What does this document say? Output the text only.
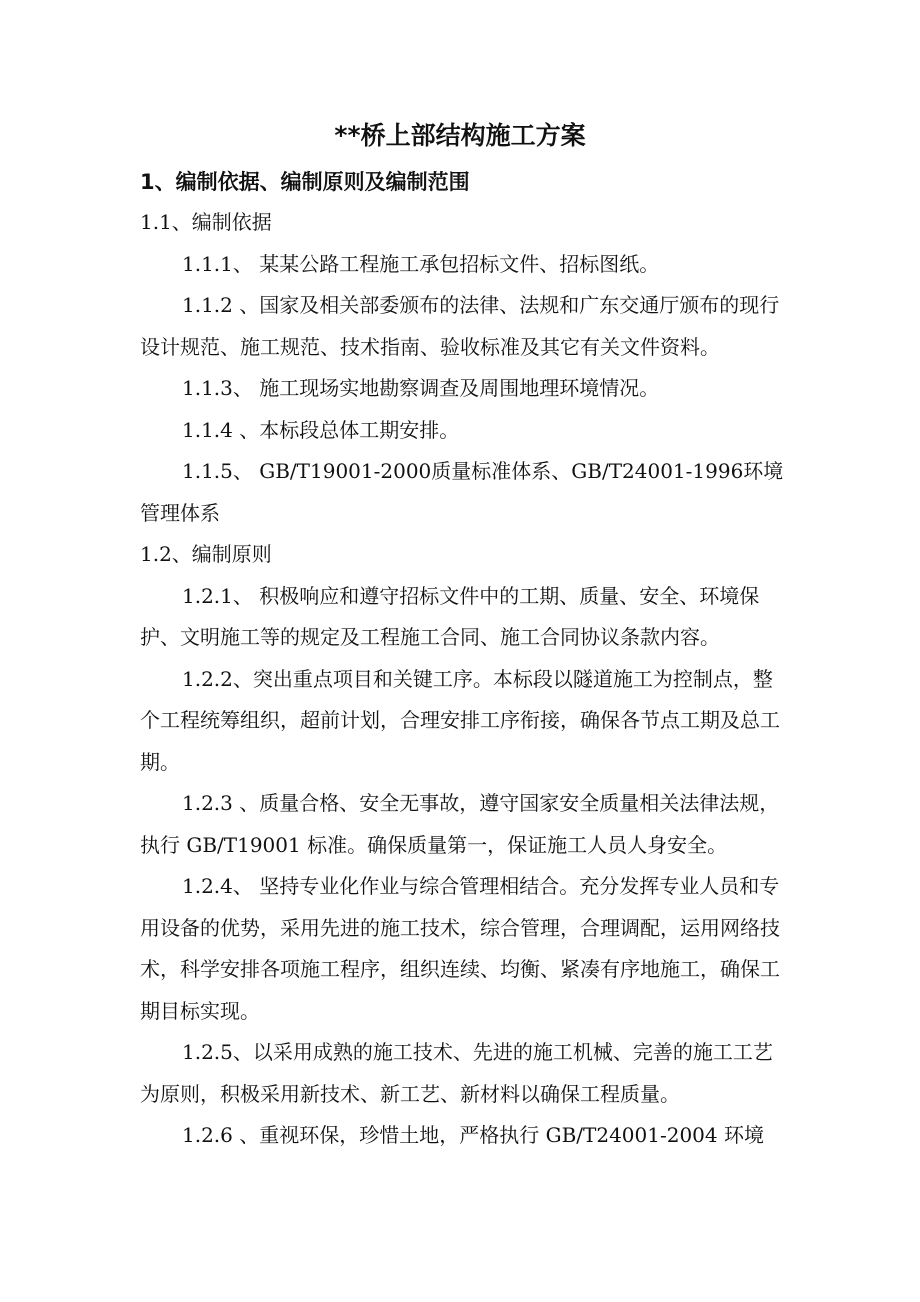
**桥上部结构施工方案
1、编制依据、编制原则及编制范围

1.1、编制依据

1.1.1、 某某公路工程施工承包招标文件、招标图纸。

1.1.2 、国家及相关部委颁布的法律、法规和广东交通厅颁布的现行设计规范、施工规范、技术指南、验收标准及其它有关文件资料。

1.1.3、 施工现场实地勘察调查及周围地理环境情况。

1.1.4 、本标段总体工期安排。

1.1.5、 GB/T19001-2000质量标准体系、GB/T24001-1996环境管理体系

1.2、编制原则

1.2.1、 积极响应和遵守招标文件中的工期、质量、安全、环境保护、文明施工等的规定及工程施工合同、施工合同协议条款内容。

1.2.2、突出重点项目和关键工序。本标段以隧道施工为控制点，整个工程统筹组织，超前计划，合理安排工序衔接，确保各节点工期及总工期。

1.2.3 、质量合格、安全无事故，遵守国家安全质量相关法律法规，执行 GB/T19001 标准。确保质量第一，保证施工人员人身安全。

1.2.4、 坚持专业化作业与综合管理相结合。充分发挥专业人员和专用设备的优势，采用先进的施工技术，综合管理，合理调配，运用网络技术，科学安排各项施工程序，组织连续、均衡、紧凑有序地施工，确保工期目标实现。

1.2.5、以采用成熟的施工技术、先进的施工机械、完善的施工工艺为原则，积极采用新技术、新工艺、新材料以确保工程质量。

1.2.6 、重视环保，珍惜土地，严格执行 GB/T24001-2004 环境
